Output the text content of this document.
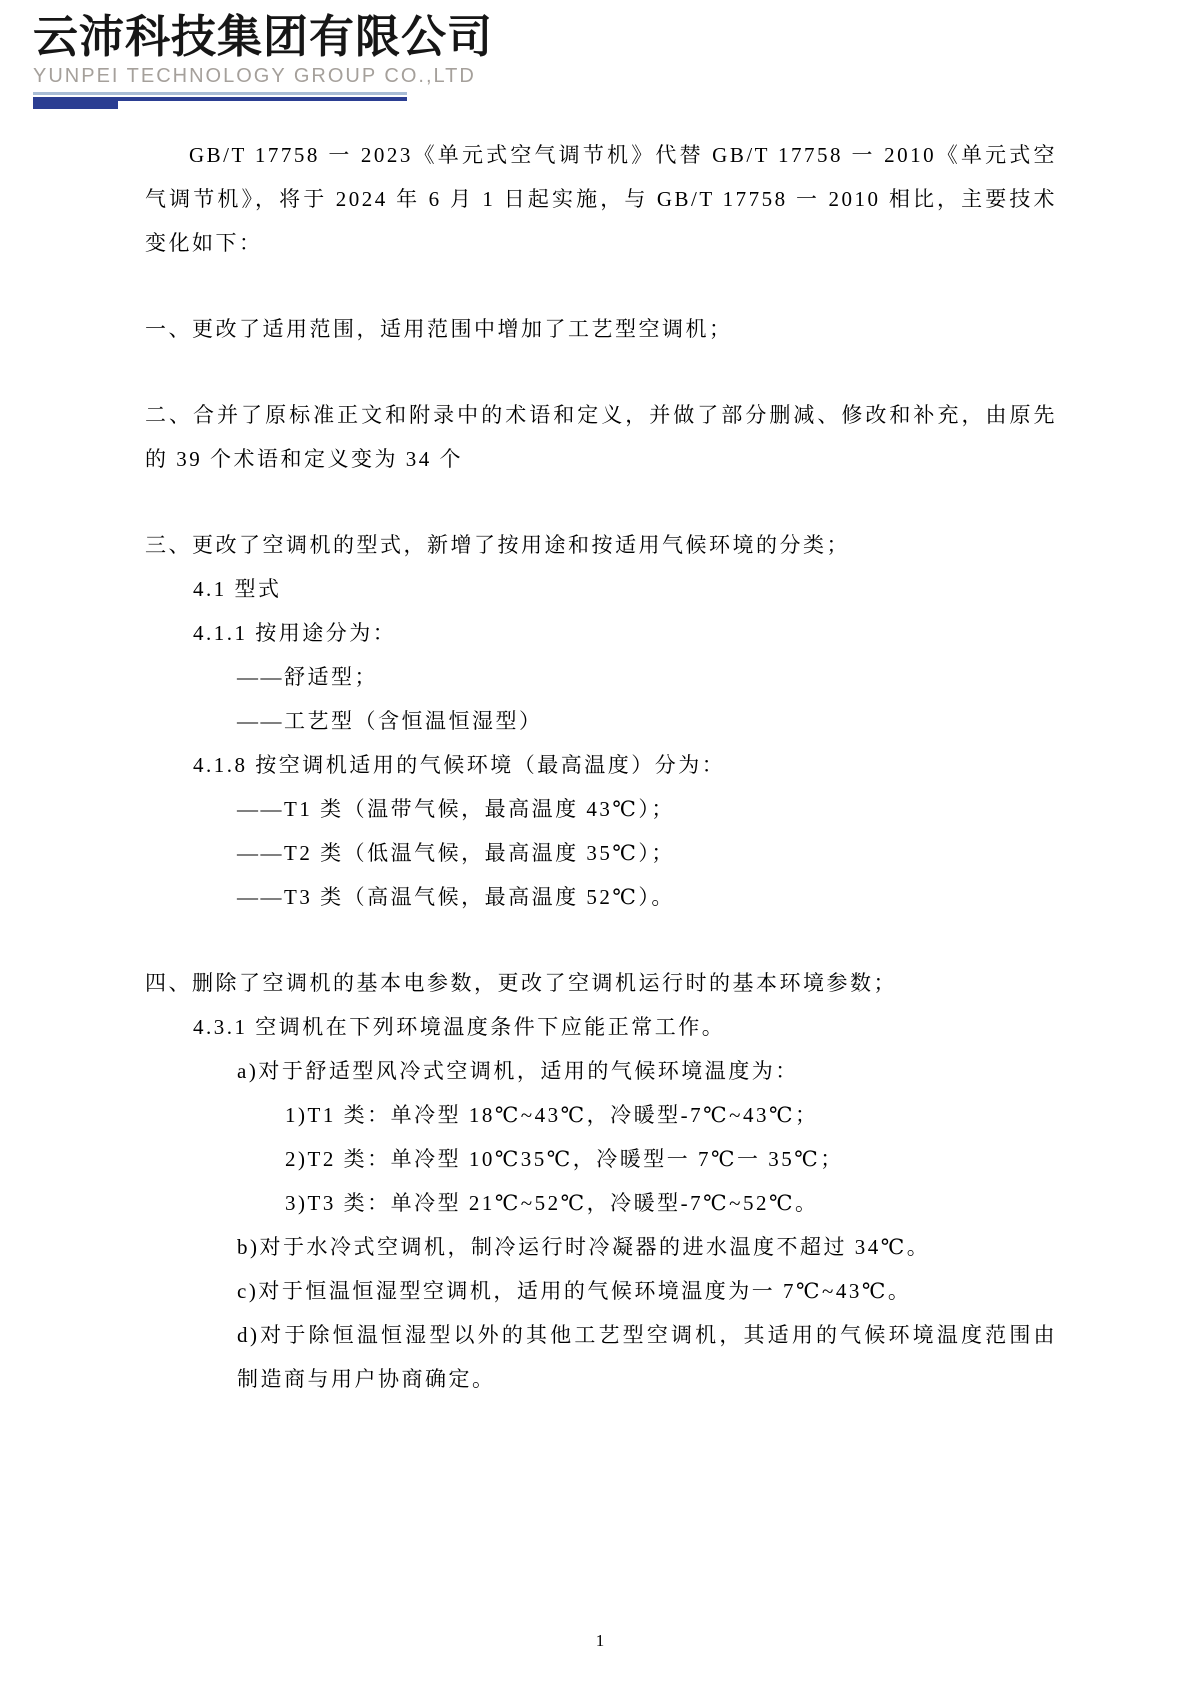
云沛科技集团有限公司
YUNPEI TECHNOLOGY GROUP CO.,LTD
GB/T 17758 一 2023《单元式空气调节机》代替 GB/T 17758 一 2010《单元式空气调节机》，将于 2024 年 6 月 1 日起实施，与 GB/T 17758 一 2010 相比，主要技术变化如下：
一、更改了适用范围，适用范围中增加了工艺型空调机；
二、合并了原标准正文和附录中的术语和定义，并做了部分删减、修改和补充，由原先的 39 个术语和定义变为 34 个
三、更改了空调机的型式，新增了按用途和按适用气候环境的分类；
4.1 型式
4.1.1 按用途分为：
——舒适型；
——工艺型（含恒温恒湿型）
4.1.8 按空调机适用的气候环境（最高温度）分为：
——T1 类（温带气候，最高温度 43℃）；
——T2 类（低温气候，最高温度 35℃）；
——T3 类（高温气候，最高温度 52℃）。
四、删除了空调机的基本电参数，更改了空调机运行时的基本环境参数；
4.3.1 空调机在下列环境温度条件下应能正常工作。
a)对于舒适型风冷式空调机，适用的气候环境温度为：
1)T1 类：单冷型 18℃~43℃，冷暖型-7℃~43℃；
2)T2 类：单冷型 10℃35℃，冷暖型一 7℃一 35℃；
3)T3 类：单冷型 21℃~52℃，冷暖型-7℃~52℃。
b)对于水冷式空调机，制冷运行时冷凝器的进水温度不超过 34℃。
c)对于恒温恒湿型空调机，适用的气候环境温度为一 7℃~43℃。
d)对于除恒温恒湿型以外的其他工艺型空调机，其适用的气候环境温度范围由制造商与用户协商确定。
1
